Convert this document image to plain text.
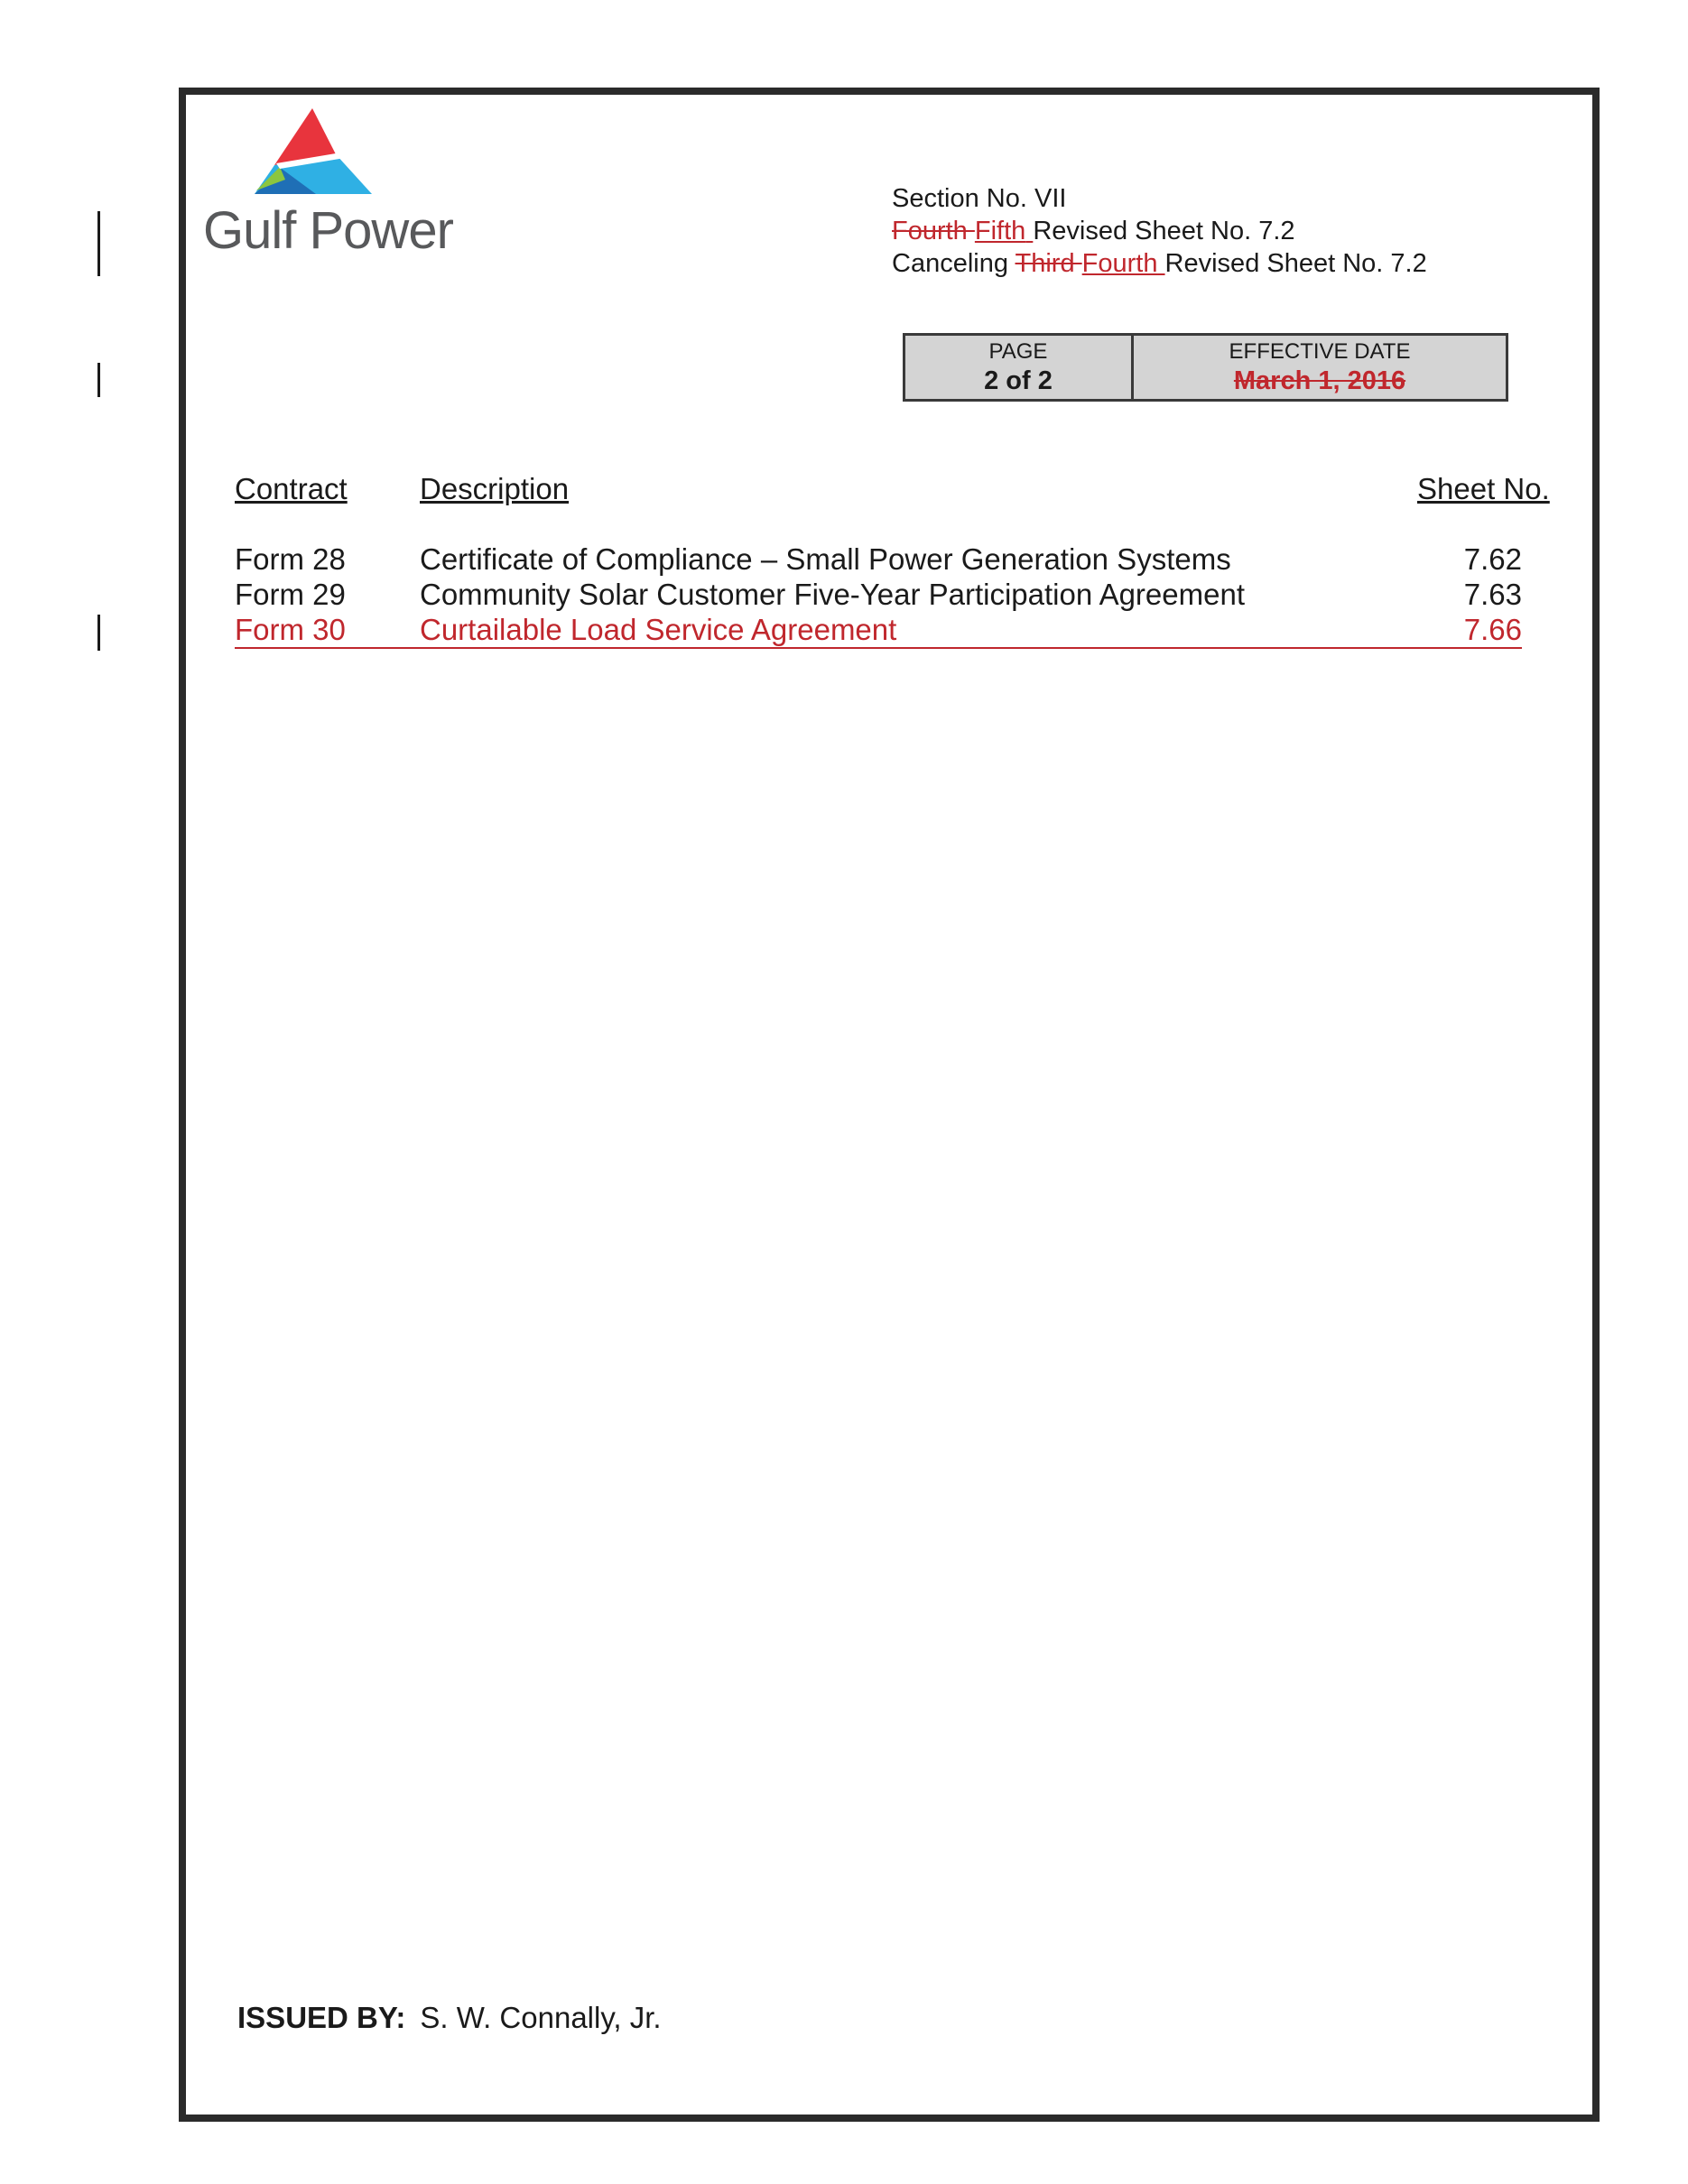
Gulf Power
Section No. VII
Fourth Fifth Revised Sheet No. 7.2
Canceling Third Fourth Revised Sheet No. 7.2
PAGE
2 of 2
EFFECTIVE DATE
March 1, 2016
Contract Description	Sheet No.
Form 28 Certificate of Compliance – Small Power Generation Systems	7.62
Form 29 Community Solar Customer Five-Year Participation Agreement	7.63
Form 30 Curtailable Load Service Agreement	7.66
ISSUED BY: S. W. Connally, Jr.
